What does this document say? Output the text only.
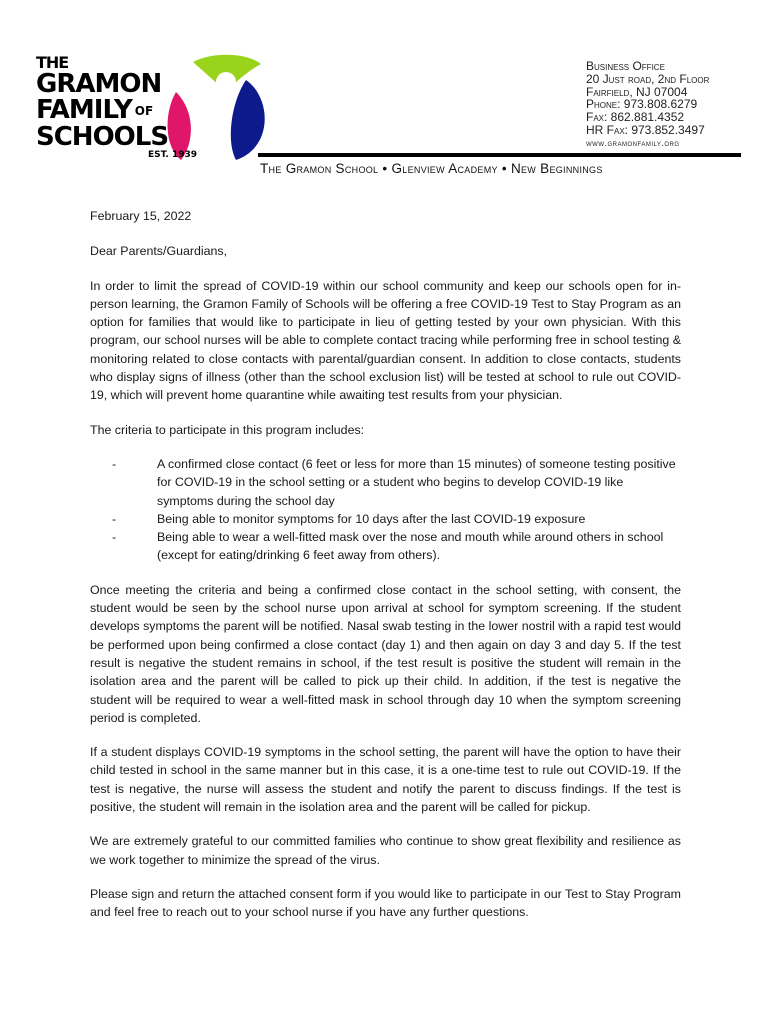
THE
GRAMON
FAMILY OF
SCHOOLS
EST. 1939
Business Office
20 Just road, 2nd Floor
Fairfield, NJ 07004
Phone: 973.808.6279
Fax: 862.881.4352
HR Fax: 973.852.3497
www.gramonfamily.org
The Gramon School • Glenview Academy • New Beginnings

February 15, 2022

Dear Parents/Guardians,

In order to limit the spread of COVID-19 within our school community and keep our schools open for in-person learning, the Gramon Family of Schools will be offering a free COVID-19 Test to Stay Program as an option for families that would like to participate in lieu of getting tested by your own physician. With this program, our school nurses will be able to complete contact tracing while performing free in school testing & monitoring related to close contacts with parental/guardian consent. In addition to close contacts, students who display signs of illness (other than the school exclusion list) will be tested at school to rule out COVID-19, which will prevent home quarantine while awaiting test results from your physician.

The criteria to participate in this program includes:

-	A confirmed close contact (6 feet or less for more than 15 minutes) of someone testing positive for COVID-19 in the school setting or a student who begins to develop COVID-19 like symptoms during the school day
-	Being able to monitor symptoms for 10 days after the last COVID-19 exposure
-	Being able to wear a well-fitted mask over the nose and mouth while around others in school (except for eating/drinking 6 feet away from others).

Once meeting the criteria and being a confirmed close contact in the school setting, with consent, the student would be seen by the school nurse upon arrival at school for symptom screening. If the student develops symptoms the parent will be notified. Nasal swab testing in the lower nostril with a rapid test would be performed upon being confirmed a close contact (day 1) and then again on day 3 and day 5. If the test result is negative the student remains in school, if the test result is positive the student will remain in the isolation area and the parent will be called to pick up their child. In addition, if the test is negative the student will be required to wear a well-fitted mask in school through day 10 when the symptom screening period is completed.

If a student displays COVID-19 symptoms in the school setting, the parent will have the option to have their child tested in school in the same manner but in this case, it is a one-time test to rule out COVID-19. If the test is negative, the nurse will assess the student and notify the parent to discuss findings. If the test is positive, the student will remain in the isolation area and the parent will be called for pickup.

We are extremely grateful to our committed families who continue to show great flexibility and resilience as we work together to minimize the spread of the virus.

Please sign and return the attached consent form if you would like to participate in our Test to Stay Program and feel free to reach out to your school nurse if you have any further questions.
